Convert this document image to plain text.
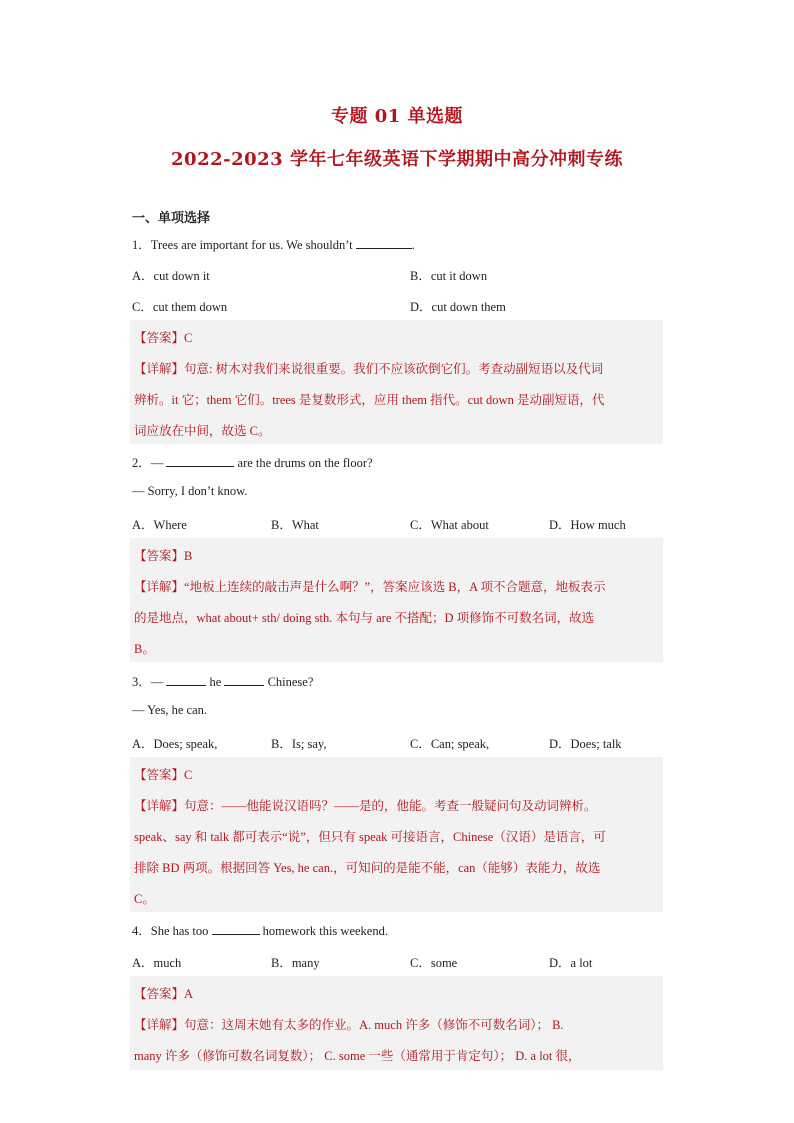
专题 01 单选题
2022-2023 学年七年级英语下学期期中高分冲刺专练
一、单项选择
1．Trees are important for us. We shouldn’t	.
A．cut down it	B．cut it down
C．cut them down	D．cut down them
【答案】C
【详解】句意: 树木对我们来说很重要。我们不应该砍倒它们。考查动副短语以及代词
辨析。it 它；them 它们。trees 是复数形式，应用 them 指代。cut down 是动副短语，代
词应放在中间，故选 C。
2．—	are the drums on the floor?
— Sorry, I don’t know.
A．Where	B．What	C．What about	D．How much
【答案】B
【详解】“地板上连续的敲击声是什么啊？”，答案应该选 B，A 项不合题意，地板表示
的是地点，what about+ sth/ doing sth. 本句与 are 不搭配；D 项修饰不可数名词，故选
B。
3．—	he	Chinese?
— Yes, he can.
A．Does; speak,	B．Is; say,	C．Can; speak,	D．Does; talk
【答案】C
【详解】句意：——他能说汉语吗？——是的，他能。考查一般疑问句及动词辨析。
speak、say 和 talk 都可表示“说”，但只有 speak 可接语言，Chinese（汉语）是语言，可
排除 BD 两项。根据回答 Yes, he can.，可知问的是能不能，can（能够）表能力，故选
C。
4．She has too	homework this weekend.
A．much	B．many	C．some	D．a lot
【答案】A
【详解】句意：这周末她有太多的作业。A. much 许多（修饰不可数名词）； B.
many 许多（修饰可数名词复数）； C. some 一些（通常用于肯定句）； D. a lot 很，
